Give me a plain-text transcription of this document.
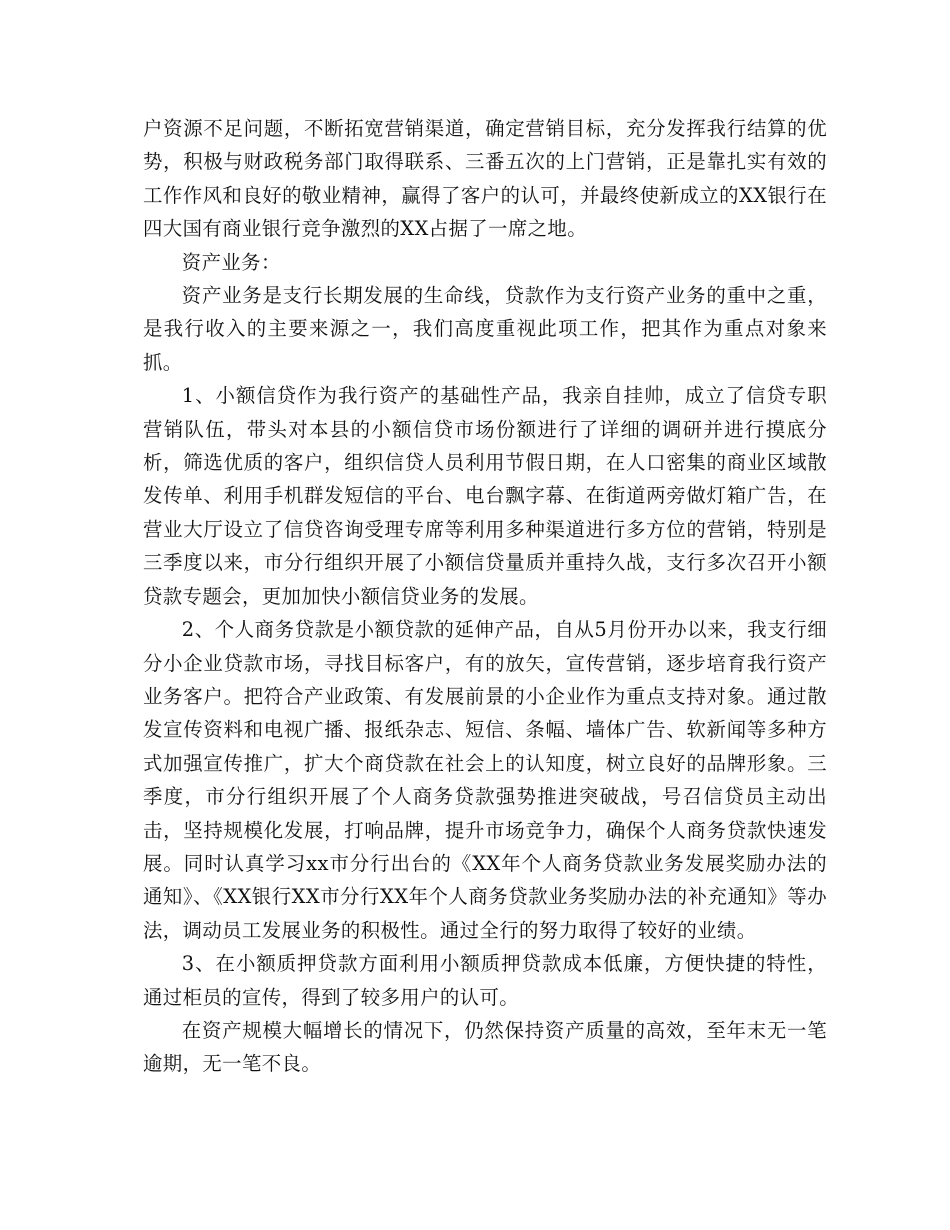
户资源不足问题，不断拓宽营销渠道，确定营销目标，充分发挥我行结算的优势，积极与财政税务部门取得联系、三番五次的上门营销，正是靠扎实有效的工作作风和良好的敬业精神，赢得了客户的认可，并最终使新成立的XX银行在四大国有商业银行竞争激烈的XX占据了一席之地。

资产业务：

资产业务是支行长期发展的生命线，贷款作为支行资产业务的重中之重，是我行收入的主要来源之一，我们高度重视此项工作，把其作为重点对象来抓。

1、小额信贷作为我行资产的基础性产品，我亲自挂帅，成立了信贷专职营销队伍，带头对本县的小额信贷市场份额进行了详细的调研并进行摸底分析，筛选优质的客户，组织信贷人员利用节假日期，在人口密集的商业区域散发传单、利用手机群发短信的平台、电台飘字幕、在街道两旁做灯箱广告，在营业大厅设立了信贷咨询受理专席等利用多种渠道进行多方位的营销，特别是三季度以来，市分行组织开展了小额信贷量质并重持久战，支行多次召开小额贷款专题会，更加加快小额信贷业务的发展。

2、个人商务贷款是小额贷款的延伸产品，自从5月份开办以来，我支行细分小企业贷款市场，寻找目标客户，有的放矢，宣传营销，逐步培育我行资产业务客户。把符合产业政策、有发展前景的小企业作为重点支持对象。通过散发宣传资料和电视广播、报纸杂志、短信、条幅、墙体广告、软新闻等多种方式加强宣传推广，扩大个商贷款在社会上的认知度，树立良好的品牌形象。三季度，市分行组织开展了个人商务贷款强势推进突破战，号召信贷员主动出击，坚持规模化发展，打响品牌，提升市场竞争力，确保个人商务贷款快速发展。同时认真学习xx市分行出台的《XX年个人商务贷款业务发展奖励办法的通知》、《XX银行XX市分行XX年个人商务贷款业务奖励办法的补充通知》等办法，调动员工发展业务的积极性。通过全行的努力取得了较好的业绩。

3、在小额质押贷款方面利用小额质押贷款成本低廉，方便快捷的特性，通过柜员的宣传，得到了较多用户的认可。

在资产规模大幅增长的情况下，仍然保持资产质量的高效，至年末无一笔逾期，无一笔不良。
